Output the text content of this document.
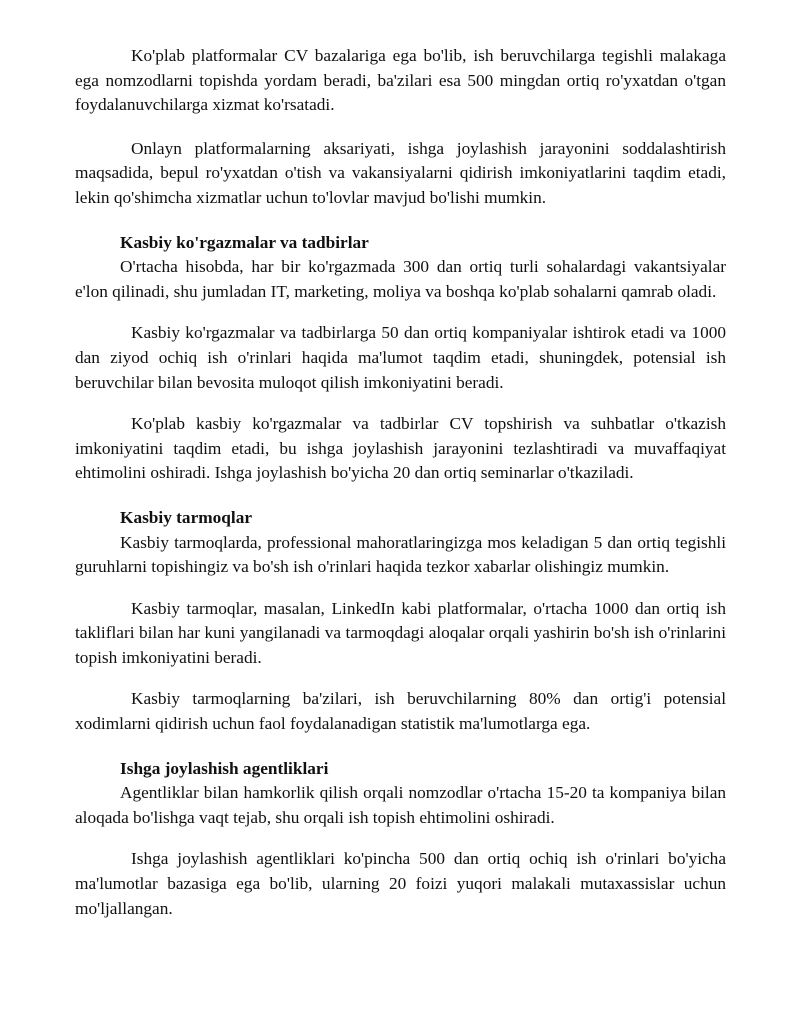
Ko'plab platformalar CV bazalariga ega bo'lib, ish beruvchilarga tegishli malakaga ega nomzodlarni topishda yordam beradi, ba'zilari esa 500 mingdan ortiq ro'yxatdan o'tgan foydalanuvchilarga xizmat ko'rsatadi.

Onlayn platformalarning aksariyati, ishga joylashish jarayonini soddalashtirish maqsadida, bepul ro'yxatdan o'tish va vakansiyalarni qidirish imkoniyatlarini taqdim etadi, lekin qo'shimcha xizmatlar uchun to'lovlar mavjud bo'lishi mumkin.

Kasbiy ko'rgazmalar va tadbirlar

O'rtacha hisobda, har bir ko'rgazmada 300 dan ortiq turli sohalardagi vakantsiyalar e'lon qilinadi, shu jumladan IT, marketing, moliya va boshqa ko'plab sohalarni qamrab oladi.

Kasbiy ko'rgazmalar va tadbirlarga 50 dan ortiq kompaniyalar ishtirok etadi va 1000 dan ziyod ochiq ish o'rinlari haqida ma'lumot taqdim etadi, shuningdek, potensial ish beruvchilar bilan bevosita muloqot qilish imkoniyatini beradi.

Ko'plab kasbiy ko'rgazmalar va tadbirlar CV topshirish va suhbatlar o'tkazish imkoniyatini taqdim etadi, bu ishga joylashish jarayonini tezlashtiradi va muvaffaqiyat ehtimolini oshiradi. Ishga joylashish bo'yicha 20 dan ortiq seminarlar o'tkaziladi.

Kasbiy tarmoqlar

Kasbiy tarmoqlarda, professional mahoratlaringizga mos keladigan 5 dan ortiq tegishli guruhlarni topishingiz va bo'sh ish o'rinlari haqida tezkor xabarlar olishingiz mumkin.

Kasbiy tarmoqlar, masalan, LinkedIn kabi platformalar, o'rtacha 1000 dan ortiq ish takliflari bilan har kuni yangilanadi va tarmoqdagi aloqalar orqali yashirin bo'sh ish o'rinlarini topish imkoniyatini beradi.

Kasbiy tarmoqlarning ba'zilari, ish beruvchilarning 80% dan ortig'i potensial xodimlarni qidirish uchun faol foydalanadigan statistik ma'lumotlarga ega.

Ishga joylashish agentliklari

Agentliklar bilan hamkorlik qilish orqali nomzodlar o'rtacha 15-20 ta kompaniya bilan aloqada bo'lishga vaqt tejab, shu orqali ish topish ehtimolini oshiradi.

Ishga joylashish agentliklari ko'pincha 500 dan ortiq ochiq ish o'rinlari bo'yicha ma'lumotlar bazasiga ega bo'lib, ularning 20 foizi yuqori malakali mutaxassislar uchun mo'ljallangan.
